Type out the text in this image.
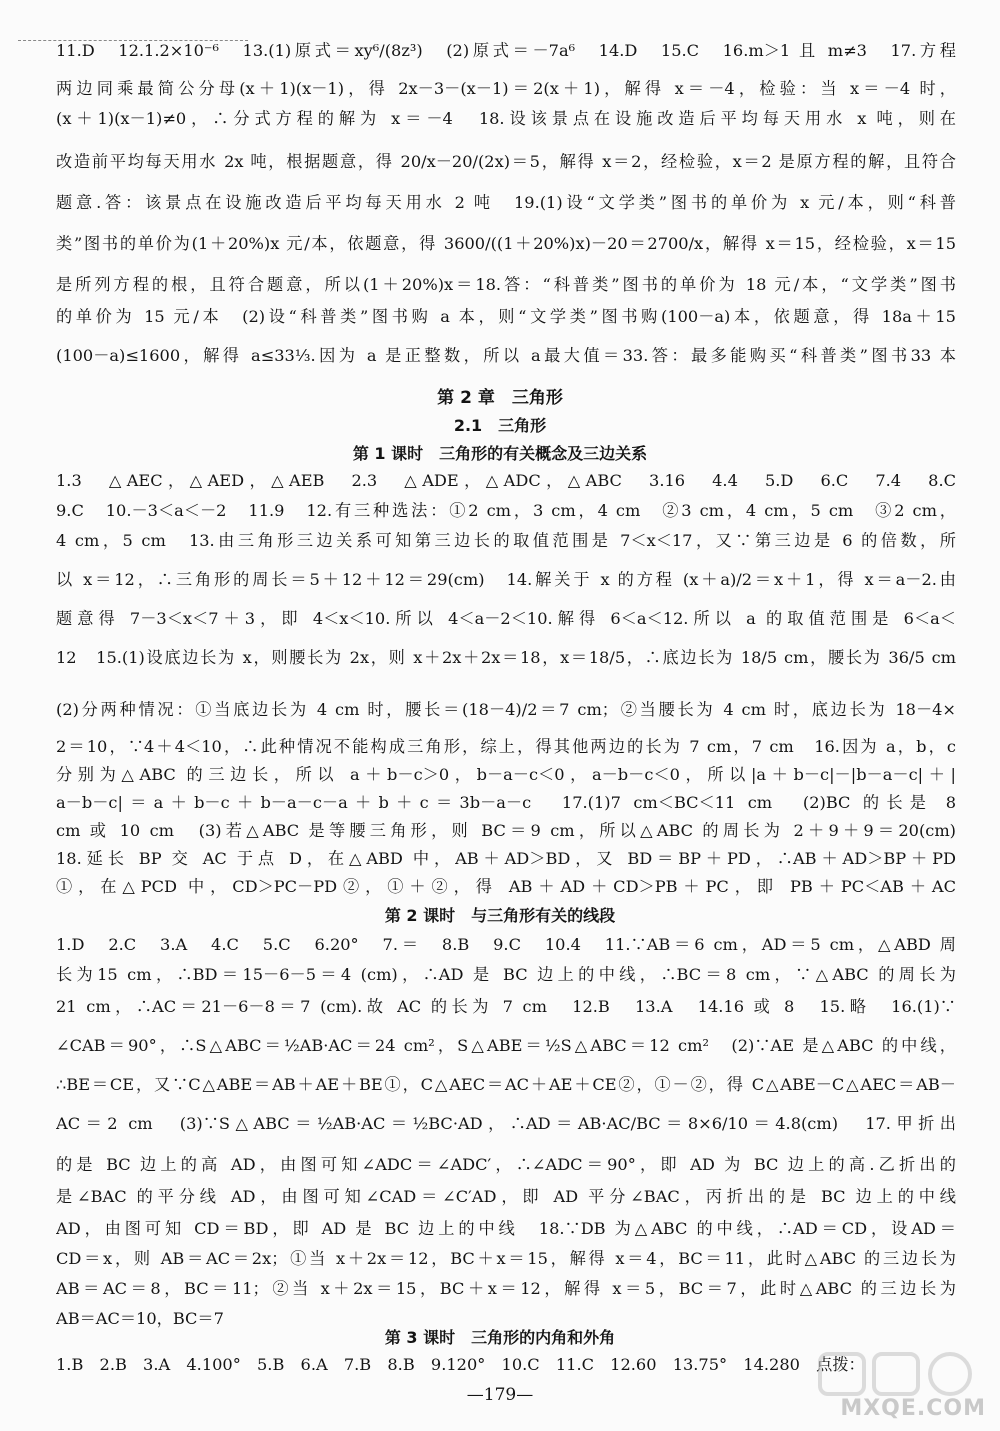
11.D　12.1.2×10⁻⁶　13.(1)原式＝xy⁶/(8z³)　(2)原式＝－7a⁶　14.D　15.C　16.m＞1 且 m≠3　17.方程
两边同乘最简公分母(x＋1)(x－1)，得 2x－3－(x－1)＝2(x＋1)，解得 x＝－4，检验：当 x＝－4 时，
(x＋1)(x－1)≠0，∴分式方程的解为 x＝－4　18.设该景点在设施改造后平均每天用水 x 吨，则在
改造前平均每天用水 2x 吨，根据题意，得 20/x－20/(2x)＝5，解得 x＝2，经检验，x＝2 是原方程的解，且符合
题意.答：该景点在设施改造后平均每天用水 2 吨　19.(1)设“文学类”图书的单价为 x 元/本，则“科普
类”图书的单价为(1＋20%)x 元/本，依题意，得 3600/((1＋20%)x)－20＝2700/x，解得 x＝15，经检验，x＝15
是所列方程的根，且符合题意，所以(1＋20%)x＝18.答：“科普类”图书的单价为 18 元/本，“文学类”图书
的单价为 15 元/本　(2)设“科普类”图书购 a 本，则“文学类”图书购(100－a)本，依题意，得 18a＋15
(100－a)≤1600，解得 a≤33⅓.因为 a 是正整数，所以 a最大值＝33.答：最多能购买“科普类”图书33 本
第 2 章　三角形
2.1　三角形
第 1 课时　三角形的有关概念及三边关系
1.3　△AEC，△AED，△AEB　2.3　△ADE，△ADC，△ABC　3.16　4.4　5.D　6.C　7.4　8.C
9.C　10.－3＜a＜－2　11.9　12.有三种选法：①2 cm，3 cm，4 cm　②3 cm，4 cm，5 cm　③2 cm，
4 cm，5 cm　13.由三角形三边关系可知第三边长的取值范围是 7＜x＜17，又∵第三边是 6 的倍数，所
以 x＝12，∴三角形的周长＝5＋12＋12＝29(cm)　14.解关于 x 的方程 (x＋a)/2＝x＋1，得 x＝a－2.由
题意得 7－3＜x＜7＋3，即 4＜x＜10.所以 4＜a－2＜10.解得 6＜a＜12.所以 a 的取值范围是 6＜a＜
12　15.(1)设底边长为 x，则腰长为 2x，则 x＋2x＋2x＝18，x＝18/5，∴底边长为 18/5 cm，腰长为 36/5 cm
(2)分两种情况：①当底边长为 4 cm 时，腰长＝(18－4)/2＝7 cm；②当腰长为 4 cm 时，底边长为 18－4×
2＝10，∵4＋4＜10，∴此种情况不能构成三角形，综上，得其他两边的长为 7 cm，7 cm　16.因为 a，b，c
分别为△ABC 的三边长，所以 a＋b－c＞0，b－a－c＜0，a－b－c＜0，所以|a＋b－c|－|b－a－c|＋|
a－b－c|＝a＋b－c＋b－a－c－a＋b＋c＝3b－a－c　17.(1)7 cm＜BC＜11 cm　(2)BC 的长是 8
cm 或 10 cm　(3)若△ABC 是等腰三角形，则 BC＝9 cm，所以△ABC 的周长为 2＋9＋9＝20(cm)
18.延长 BP 交 AC 于点 D，在△ABD 中，AB＋AD＞BD，又 BD＝BP＋PD，∴AB＋AD＞BP＋PD
①，在△PCD 中，CD＞PC－PD②，①＋②，得 AB＋AD＋CD＞PB＋PC，即 PB＋PC＜AB＋AC
第 2 课时　与三角形有关的线段
1.D　2.C　3.A　4.C　5.C　6.20°　7.＝　8.B　9.C　10.4　11.∵AB＝6 cm，AD＝5 cm，△ABD 周
长为15 cm，∴BD＝15－6－5＝4 (cm)，∴AD 是 BC 边上的中线，∴BC＝8 cm，∵△ABC 的周长为
21 cm，∴AC＝21－6－8＝7 (cm).故 AC 的长为 7 cm　12.B　13.A　14.16 或 8　15.略　16.(1)∵
∠CAB＝90°，∴S△ABC＝½AB·AC＝24 cm²，S△ABE＝½S△ABC＝12 cm²　(2)∵AE 是△ABC 的中线，
∴BE＝CE，又∵C△ABE＝AB＋AE＋BE①，C△AEC＝AC＋AE＋CE②，①－②，得 C△ABE－C△AEC＝AB－
AC＝2 cm　(3)∵S△ABC＝½AB·AC＝½BC·AD，∴AD＝AB·AC/BC＝8×6/10＝4.8(cm)　17.甲折出
的是 BC 边上的高 AD，由图可知∠ADC＝∠ADC′，∴∠ADC＝90°，即 AD 为 BC 边上的高.乙折出的
是∠BAC 的平分线 AD，由图可知∠CAD＝∠C′AD，即 AD 平分∠BAC，丙折出的是 BC 边上的中线
AD，由图可知 CD＝BD，即 AD 是 BC 边上的中线　18.∵DB 为△ABC 的中线，∴AD＝CD，设AD＝
CD＝x，则 AB＝AC＝2x；①当 x＋2x＝12，BC＋x＝15，解得 x＝4，BC＝11，此时△ABC 的三边长为
AB＝AC＝8，BC＝11；②当 x＋2x＝15，BC＋x＝12，解得 x＝5，BC＝7，此时△ABC 的三边长为
AB＝AC＝10，BC＝7
第 3 课时　三角形的内角和外角
1.B　2.B　3.A　4.100°　5.B　6.A　7.B　8.B　9.120°　10.C　11.C　12.60　13.75°　14.280　点拨：
—179—
MXQE.COM
